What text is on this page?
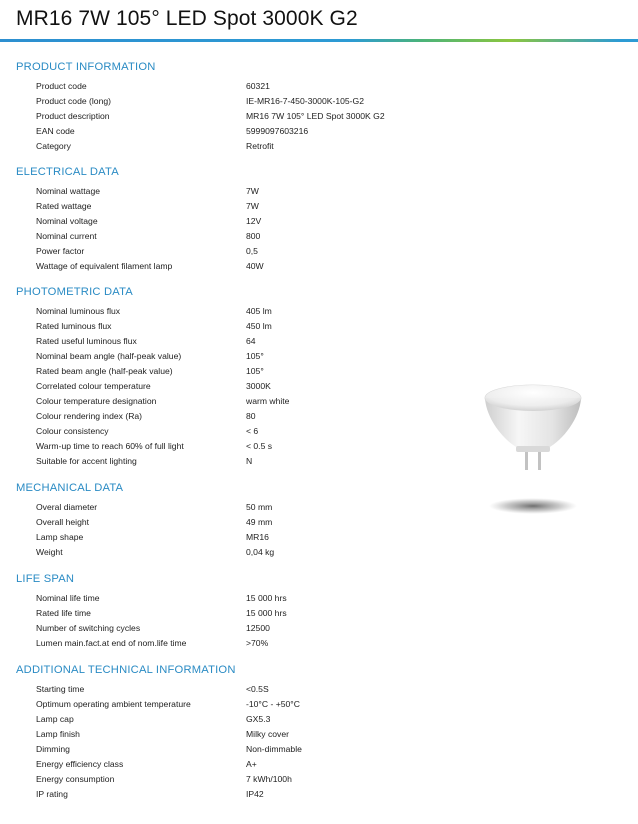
MR16 7W 105° LED Spot 3000K G2
PRODUCT INFORMATION
Product code	60321
Product code (long)	IE-MR16-7-450-3000K-105-G2
Product description	MR16 7W 105° LED Spot 3000K G2
EAN code	5999097603216
Category	Retrofit
ELECTRICAL DATA
Nominal wattage	7W
Rated wattage	7W
Nominal voltage	12V
Nominal current	800
Power factor	0,5
Wattage of equivalent filament lamp	40W
PHOTOMETRIC DATA
Nominal luminous flux	405 lm
Rated luminous flux	450 lm
Rated useful luminous flux	64
Nominal beam angle (half-peak value)	105°
Rated beam angle (half-peak value)	105°
Correlated colour temperature	3000K
Colour temperature designation	warm white
Colour rendering index (Ra)	80
Colour consistency	< 6
Warm-up time to reach 60% of full light	< 0.5 s
Suitable for accent lighting	N
MECHANICAL DATA
Overal diameter	50 mm
Overall height	49 mm
Lamp shape	MR16
Weight	0,04 kg
LIFE SPAN
Nominal life time	15 000 hrs
Rated life time	15 000 hrs
Number of switching cycles	12500
Lumen main.fact.at end of nom.life time	>70%
ADDITIONAL TECHNICAL INFORMATION
Starting time	<0.5S
Optimum operating ambient temperature	-10°C - +50°C
Lamp cap	GX5.3
Lamp finish	Milky cover
Dimming	Non-dimmable
Energy efficiency class	A+
Energy consumption	7 kWh/100h
IP rating	IP42
